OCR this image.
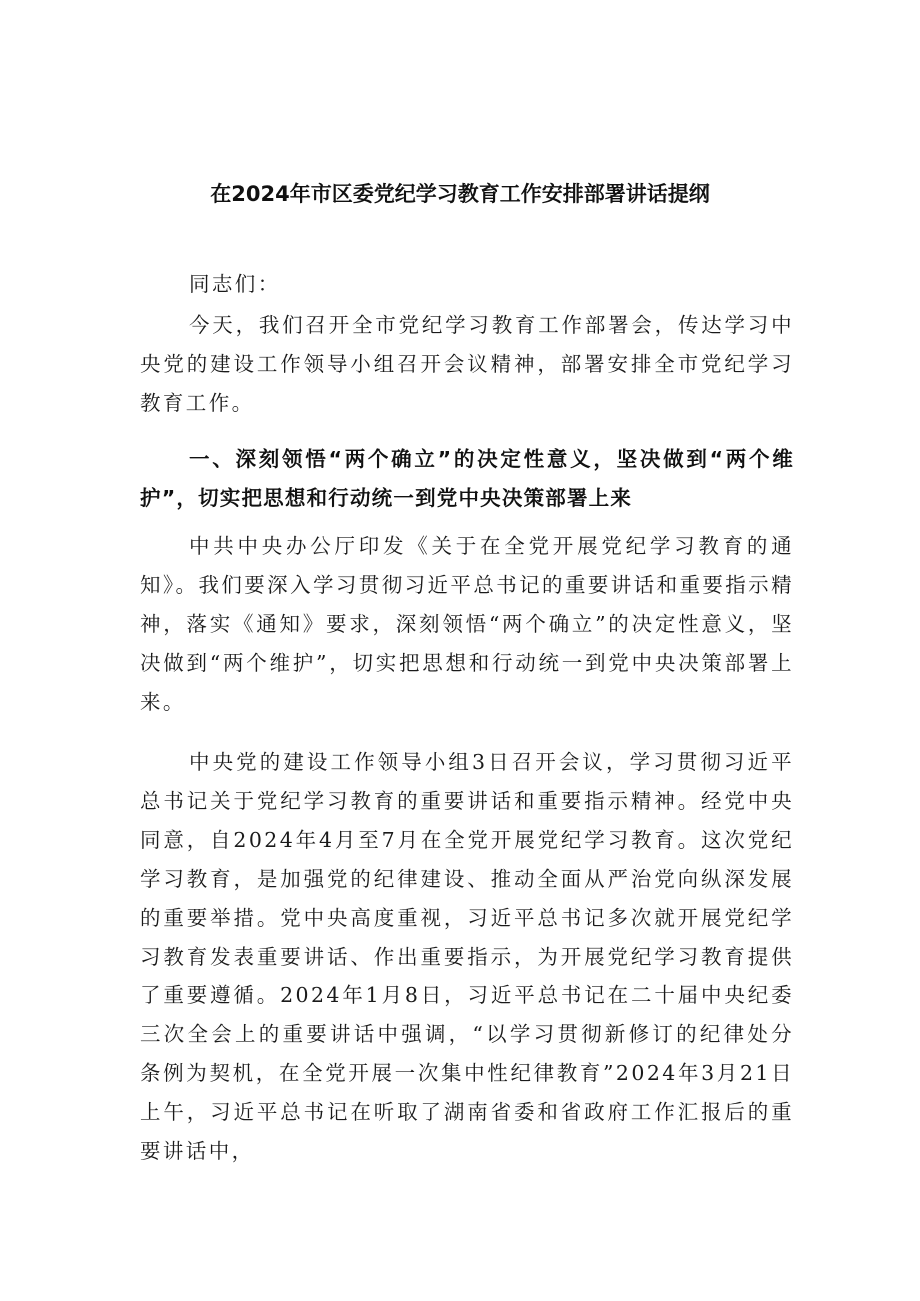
在2024年市区委党纪学习教育工作安排部署讲话提纲

同志们：

今天，我们召开全市党纪学习教育工作部署会，传达学习中央党的建设工作领导小组召开会议精神，部署安排全市党纪学习教育工作。

一、深刻领悟“两个确立”的决定性意义，坚决做到“两个维护”，切实把思想和行动统一到党中央决策部署上来

中共中央办公厅印发《关于在全党开展党纪学习教育的通知》。我们要深入学习贯彻习近平总书记的重要讲话和重要指示精神，落实《通知》要求，深刻领悟“两个确立”的决定性意义，坚决做到“两个维护”，切实把思想和行动统一到党中央决策部署上来。

中央党的建设工作领导小组3日召开会议，学习贯彻习近平总书记关于党纪学习教育的重要讲话和重要指示精神。经党中央同意，自2024年4月至7月在全党开展党纪学习教育。这次党纪学习教育，是加强党的纪律建设、推动全面从严治党向纵深发展的重要举措。党中央高度重视，习近平总书记多次就开展党纪学习教育发表重要讲话、作出重要指示，为开展党纪学习教育提供了重要遵循。2024年1月8日，习近平总书记在二十届中央纪委三次全会上的重要讲话中强调，“以学习贯彻新修订的纪律处分条例为契机，在全党开展一次集中性纪律教育”2024年3月21日上午，习近平总书记在听取了湖南省委和省政府工作汇报后的重要讲话中，
